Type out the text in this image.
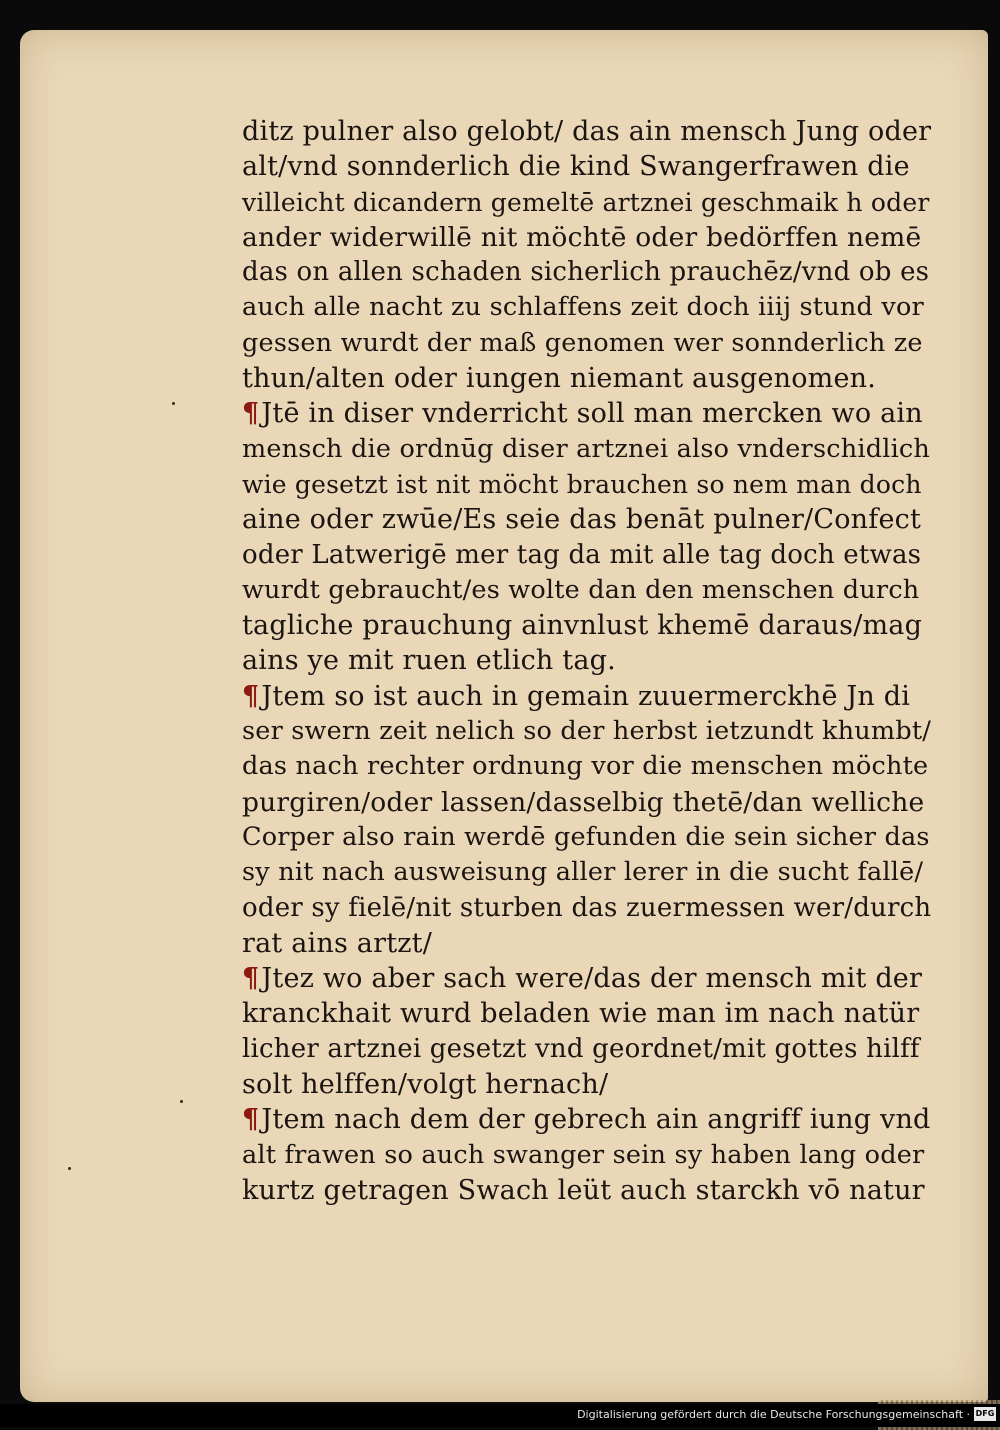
ditz pulner also gelobt/ das ain mensch Jung oder
alt/vnd sonnderlich die kind Swangerfrawen die
villeicht dicandern gemeltē artznei geschmaik h oder
ander widerwillē nit möchtē oder bedörffen nemē
das on allen schaden sicherlich prauchēz/vnd ob es
auch alle nacht zu schlaffens zeit doch iiij stund vor
gessen wurdt der maß genomen wer sonnderlich ze
thun/alten oder iungen niemant ausgenomen.
¶Jtē in diser vnderricht soll man mercken wo ain
mensch die ordnūg diser artznei also vnderschidlich
wie gesetzt ist nit möcht brauchen so nem man doch
aine oder zwūe/Es seie das benāt pulner/Confect
oder Latwerigē mer tag da mit alle tag doch etwas
wurdt gebraucht/es wolte dan den menschen durch
tagliche prauchung ainvnlust khemē daraus/mag
ains ye mit ruen etlich tag.
¶Jtem so ist auch in gemain zuuermerckhē Jn di
ser swern zeit nelich so der herbst ietzundt khumbt/
das nach rechter ordnung vor die menschen möchte
purgiren/oder lassen/dasselbig thetē/dan welliche
Corper also rain werdē gefunden die sein sicher das
sy nit nach ausweisung aller lerer in die sucht fallē/
oder sy fielē/nit sturben das zuermessen wer/durch
rat ains artzt/
¶Jtez wo aber sach were/das der mensch mit der
kranckhait wurd beladen wie man im nach natür
licher artznei gesetzt vnd geordnet/mit gottes hilff
solt helffen/volgt hernach/
¶Jtem nach dem der gebrech ain angriff iung vnd
alt frawen so auch swanger sein sy haben lang oder
kurtz getragen Swach leüt auch starckh vō natur
Digitalisierung gefördert durch die Deutsche Forschungsgemeinschaft · DFG
